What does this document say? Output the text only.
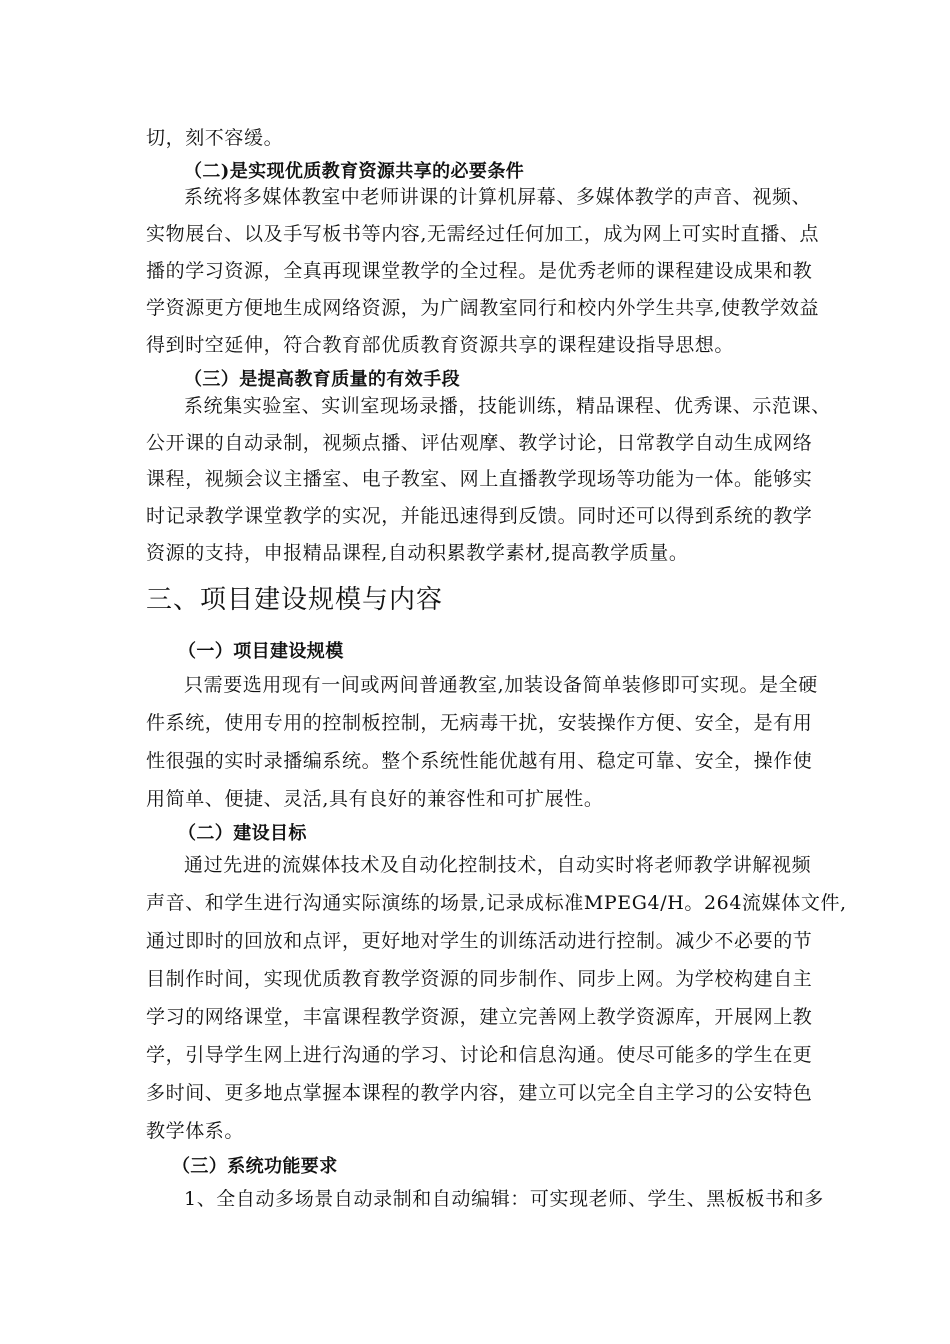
切，刻不容缓。
（二)是实现优质教育资源共享的必要条件
系统将多媒体教室中老师讲课的计算机屏幕、多媒体教学的声音、视频、
实物展台、以及手写板书等内容,无需经过任何加工，成为网上可实时直播、点
播的学习资源，全真再现课堂教学的全过程。是优秀老师的课程建设成果和教
学资源更方便地生成网络资源，为广阔教室同行和校内外学生共享,使教学效益
得到时空延伸，符合教育部优质教育资源共享的课程建设指导思想。
（三）是提高教育质量的有效手段
系统集实验室、实训室现场录播，技能训练，精品课程、优秀课、示范课、
公开课的自动录制，视频点播、评估观摩、教学讨论，日常教学自动生成网络
课程，视频会议主播室、电子教室、网上直播教学现场等功能为一体。能够实
时记录教学课堂教学的实况，并能迅速得到反馈。同时还可以得到系统的教学
资源的支持，申报精品课程,自动积累教学素材,提高教学质量。
三、项目建设规模与内容
（一）项目建设规模
只需要选用现有一间或两间普通教室,加装设备简单装修即可实现。是全硬
件系统，使用专用的控制板控制，无病毒干扰，安装操作方便、安全，是有用
性很强的实时录播编系统。整个系统性能优越有用、稳定可靠、安全，操作使
用简单、便捷、灵活,具有良好的兼容性和可扩展性。
（二）建设目标
通过先进的流媒体技术及自动化控制技术，自动实时将老师教学讲解视频
声音、和学生进行沟通实际演练的场景,记录成标准MPEG4/H。264流媒体文件,
通过即时的回放和点评，更好地对学生的训练活动进行控制。减少不必要的节
目制作时间，实现优质教育教学资源的同步制作、同步上网。为学校构建自主
学习的网络课堂，丰富课程教学资源，建立完善网上教学资源库，开展网上教
学，引导学生网上进行沟通的学习、讨论和信息沟通。使尽可能多的学生在更
多时间、更多地点掌握本课程的教学内容，建立可以完全自主学习的公安特色
教学体系。
（三）系统功能要求
1、全自动多场景自动录制和自动编辑：可实现老师、学生、黑板板书和多
